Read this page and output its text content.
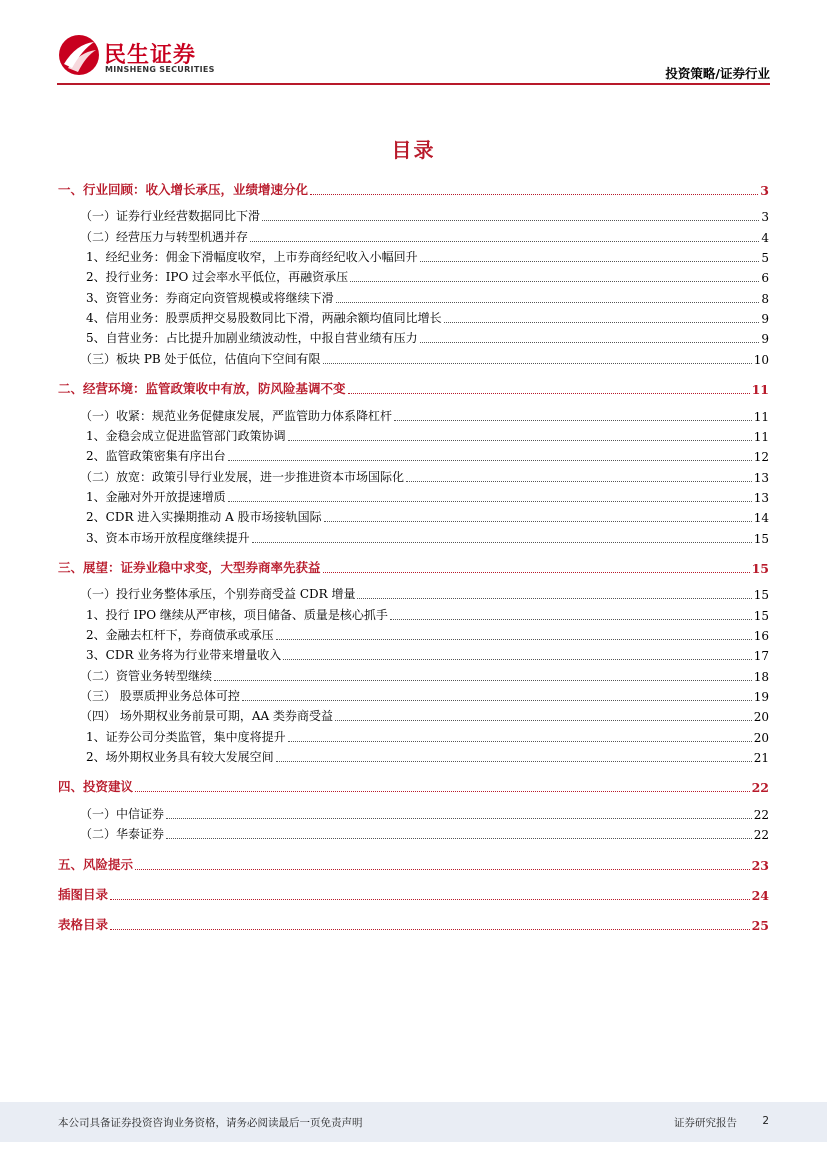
民生证券
MINSHENG SECURITIES	投资策略/证券行业
目录
一、行业回顾：收入增长承压，业绩增速分化	3
（一）证券行业经营数据同比下滑	3
（二）经营压力与转型机遇并存	4
1、经纪业务：佣金下滑幅度收窄，上市券商经纪收入小幅回升	5
2、投行业务：IPO 过会率水平低位，再融资承压	6
3、资管业务：券商定向资管规模或将继续下滑	8
4、信用业务：股票质押交易股数同比下滑，两融余额均值同比增长	9
5、自营业务：占比提升加剧业绩波动性，中报自营业绩有压力	9
（三）板块 PB 处于低位，估值向下空间有限	10
二、经营环境：监管政策收中有放，防风险基调不变	11
（一）收紧：规范业务促健康发展，严监管助力体系降杠杆	11
1、金稳会成立促进监管部门政策协调	11
2、监管政策密集有序出台	12
（二）放宽：政策引导行业发展，进一步推进资本市场国际化	13
1、金融对外开放提速增质	13
2、CDR 进入实操期推动 A 股市场接轨国际	14
3、资本市场开放程度继续提升	15
三、展望：证券业稳中求变，大型券商率先获益	15
（一）投行业务整体承压，个别券商受益 CDR 增量	15
1、投行 IPO 继续从严审核，项目储备、质量是核心抓手	15
2、金融去杠杆下，券商债承或承压	16
3、CDR 业务将为行业带来增量收入	17
（二）资管业务转型继续	18
（三） 股票质押业务总体可控	19
（四） 场外期权业务前景可期，AA 类券商受益	20
1、证券公司分类监管，集中度将提升	20
2、场外期权业务具有较大发展空间	21
四、投资建议	22
（一）中信证券	22
（二）华泰证券	22
五、风险提示	23
插图目录	24
表格目录	25
本公司具备证券投资咨询业务资格，请务必阅读最后一页免责声明	证券研究报告 2
